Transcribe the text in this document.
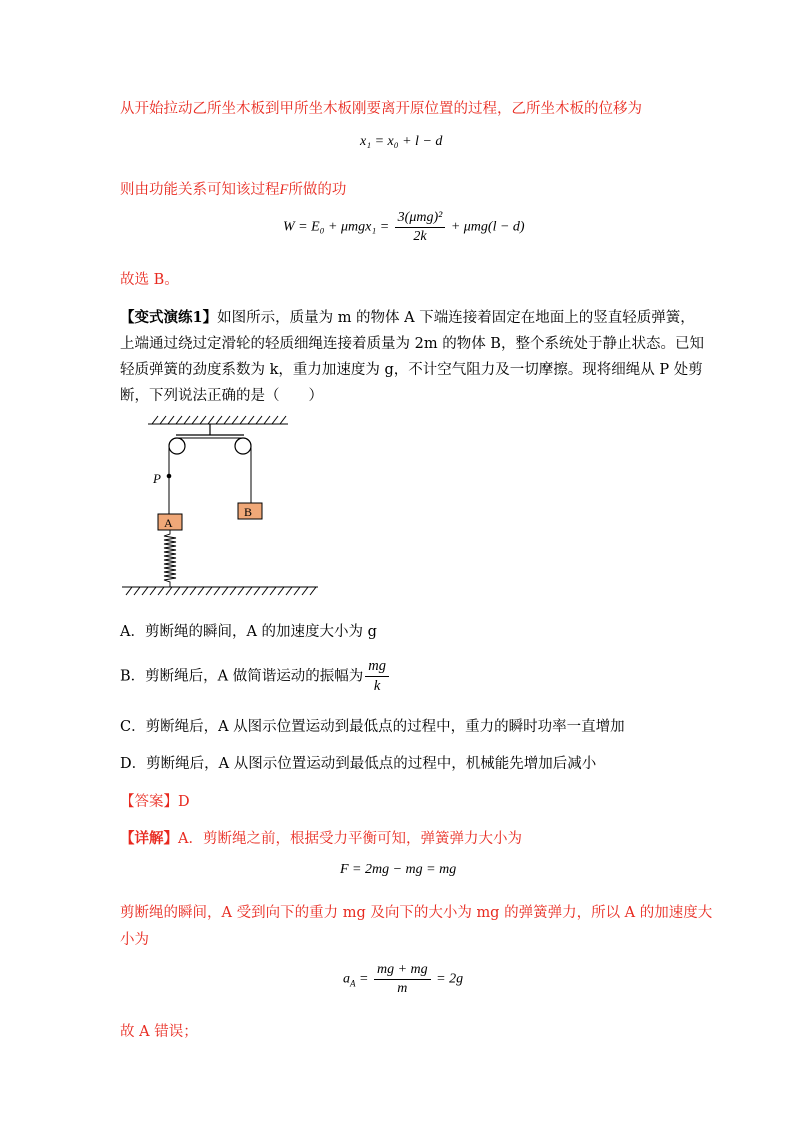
从开始拉动乙所坐木板到甲所坐木板刚要离开原位置的过程，乙所坐木板的位移为
x₁ = x₀ + l − d
则由功能关系可知该过程F所做的功
$W = E_0 + \mu mgx_1 = \frac{\text{3(μmg)²}}{2k} + \mu mg(l - d)$
故选 B。
【变式演练1】如图所示，质量为 m 的物体 A 下端连接着固定在地面上的竖直轻质弹簧，
上端通过绕过定滑轮的轻质细绳连接着质量为 2m 的物体 B，整个系统处于静止状态。已知
轻质弹簧的劲度系数为 k，重力加速度为 g，不计空气阻力及一切摩擦。现将细绳从 P 处剪
断，下列说法正确的是（　　）
P
B
A
A．剪断绳的瞬间，A 的加速度大小为 g
B．剪断绳后，A 做简谐运动的振幅为 $\frac{mg}{k}$
C．剪断绳后，A 从图示位置运动到最低点的过程中，重力的瞬时功率一直增加
D．剪断绳后，A 从图示位置运动到最低点的过程中，机械能先增加后减小
【答案】D
【详解】A．剪断绳之前，根据受力平衡可知，弹簧弹力大小为
F = 2mg − mg = mg
剪断绳的瞬间，A 受到向下的重力 mg 及向下的大小为 mg 的弹簧弹力，所以 A 的加速度大
小为
$a_A = \frac{mg + mg}{m} = 2g$
故 A 错误；
